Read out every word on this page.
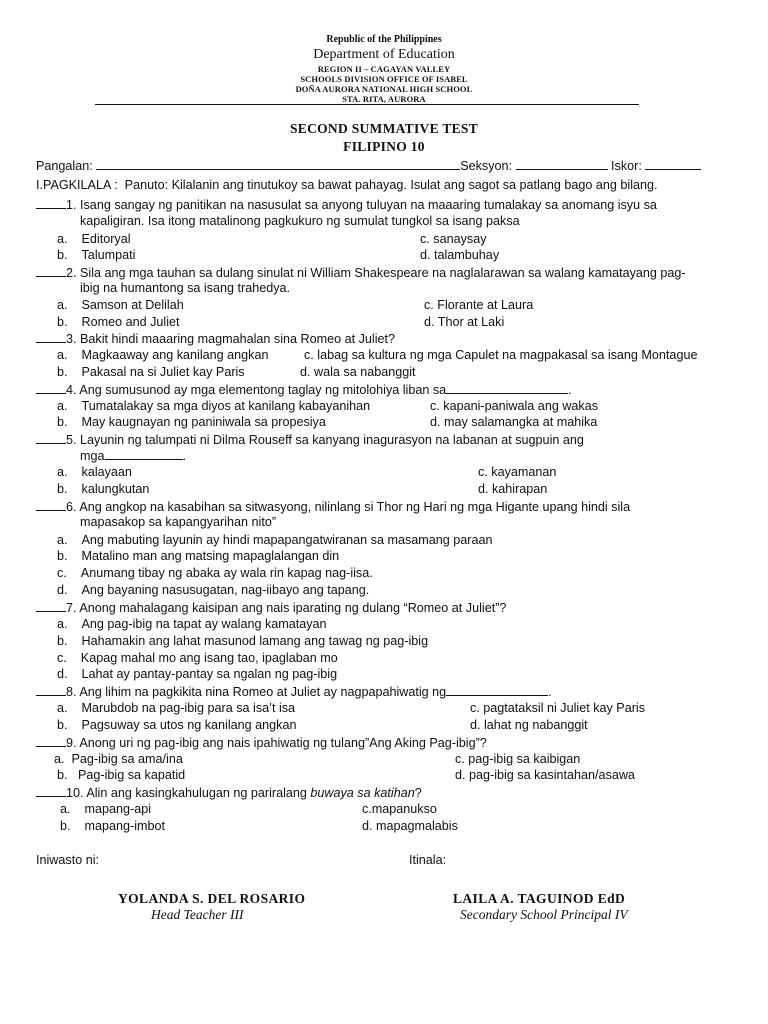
Republic of the Philippines
Department of Education
REGION II – CAGAYAN VALLEY
SCHOOLS DIVISION OFFICE OF ISABEL
DOÑA AURORA NATIONAL HIGH SCHOOL
STA. RITA, AURORA
SECOND SUMMATIVE TEST
FILIPINO 10
Pangalan:	Seksyon:	Iskor:
I.PAGKILALA : Panuto: Kilalanin ang tinutukoy sa bawat pahayag. Isulat ang sagot sa patlang bago ang bilang.
1. Isang sangay ng panitikan na nasusulat sa anyong tuluyan na maaaring tumalakay sa anomang isyu sa
kapaligiran. Isa itong matalinong pagkukuro ng sumulat tungkol sa isang paksa
a. Editoryal	c. sanaysay
b. Talumpati	d. talambuhay
2. Sila ang mga tauhan sa dulang sinulat ni William Shakespeare na naglalarawan sa walang kamatayang pag-
ibig na humantong sa isang trahedya.
a. Samson at Delilah	c. Florante at Laura
b. Romeo and Juliet	d. Thor at Laki
3. Bakit hindi maaaring magmahalan sina Romeo at Juliet?
a. Magkaaway ang kanilang angkan	c. labag sa kultura ng mga Capulet na magpakasal sa isang Montague
b. Pakasal na si Juliet kay Paris	d. wala sa nabanggit
4. Ang sumusunod ay mga elementong taglay ng mitolohiya liban sa	.
a. Tumatalakay sa mga diyos at kanilang kabayanihan	c. kapani-paniwala ang wakas
b. May kaugnayan ng paniniwala sa propesiya	d. may salamangka at mahika
5. Layunin ng talumpati ni Dilma Rouseff sa kanyang inagurasyon na labanan at sugpuin ang
mga	.
a. kalayaan	c. kayamanan
b. kalungkutan	d. kahirapan
6. Ang angkop na kasabihan sa sitwasyong, nilinlang si Thor ng Hari ng mga Higante upang hindi sila
mapasakop sa kapangyarihan nito”
a. Ang mabuting layunin ay hindi mapapangatwiranan sa masamang paraan
b. Matalino man ang matsing mapaglalangan din
c. Anumang tibay ng abaka ay wala rin kapag nag-iisa.
d. Ang bayaning nasusugatan, nag-iibayo ang tapang.
7. Anong mahalagang kaisipan ang nais iparating ng dulang “Romeo at Juliet”?
a. Ang pag-ibig na tapat ay walang kamatayan
b. Hahamakin ang lahat masunod lamang ang tawag ng pag-ibig
c. Kapag mahal mo ang isang tao, ipaglaban mo
d. Lahat ay pantay-pantay sa ngalan ng pag-ibig
8. Ang lihim na pagkikita nina Romeo at Juliet ay nagpapahiwatig ng	.
a. Marubdob na pag-ibig para sa isa’t isa	c. pagtataksil ni Juliet kay Paris
b. Pagsuway sa utos ng kanilang angkan	d. lahat ng nabanggit
9. Anong uri ng pag-ibig ang nais ipahiwatig ng tulang”Ang Aking Pag-ibig”?
a. Pag-ibig sa ama/ina	c. pag-ibig sa kaibigan
b. Pag-ibig sa kapatid	d. pag-ibig sa kasintahan/asawa
10. Alin ang kasingkahulugan ng pariralang buwaya sa katihan?
a. mapang-api	c.mapanukso
b. mapang-imbot	d. mapagmalabis
Iniwasto ni:	Itinala:
YOLANDA S. DEL ROSARIO
Head Teacher III
LAILA A. TAGUINOD EdD
Secondary School Principal IV
